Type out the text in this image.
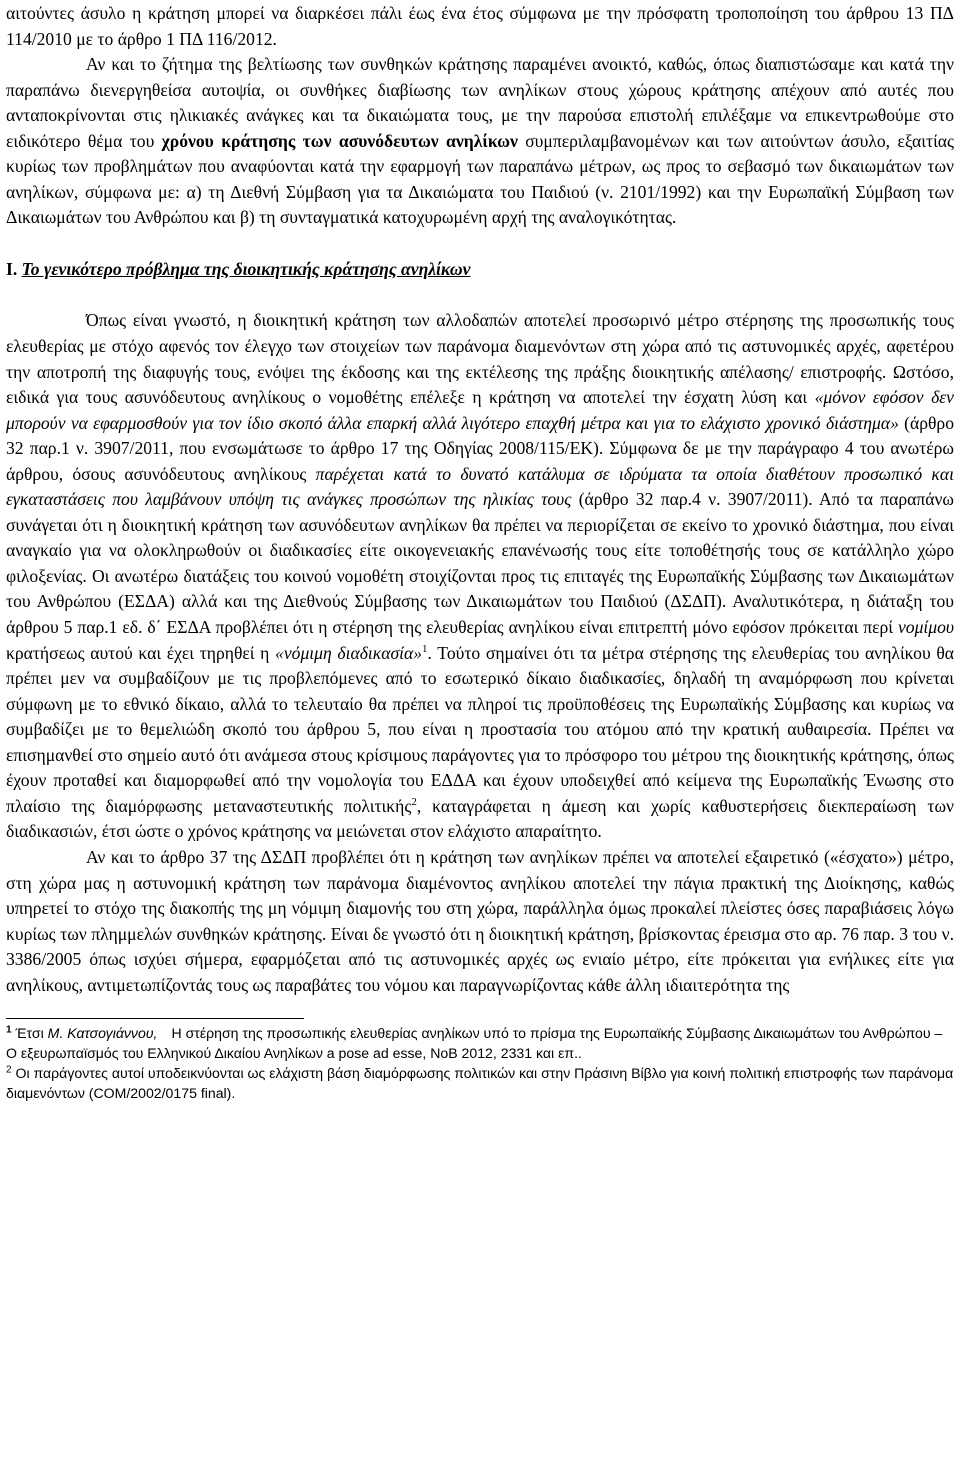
αιτούντες άσυλο η κράτηση μπορεί να διαρκέσει πάλι έως ένα έτος σύμφωνα με την πρόσφατη τροποποίηση του άρθρου 13 ΠΔ 114/2010 με το άρθρο 1 ΠΔ 116/2012.

Αν και το ζήτημα της βελτίωσης των συνθηκών κράτησης παραμένει ανοικτό, καθώς, όπως διαπιστώσαμε και κατά την παραπάνω διενεργηθείσα αυτοψία, οι συνθήκες διαβίωσης των ανηλίκων στους χώρους κράτησης απέχουν από αυτές που ανταποκρίνονται στις ηλικιακές ανάγκες και τα δικαιώματα τους, με την παρούσα επιστολή επιλέξαμε να επικεντρωθούμε στο ειδικότερο θέμα του χρόνου κράτησης των ασυνόδευτων ανηλίκων συμπεριλαμβανομένων και των αιτούντων άσυλο, εξαιτίας κυρίως των προβλημάτων που αναφύονται κατά την εφαρμογή των παραπάνω μέτρων, ως προς το σεβασμό των δικαιωμάτων των ανηλίκων, σύμφωνα με: α) τη Διεθνή Σύμβαση για τα Δικαιώματα του Παιδιού (ν. 2101/1992) και την Ευρωπαϊκή Σύμβαση των Δικαιωμάτων του Ανθρώπου και β) τη συνταγματικά κατοχυρωμένη αρχή της αναλογικότητας.

Ι. Το γενικότερο πρόβλημα της διοικητικής κράτησης ανηλίκων

Όπως είναι γνωστό, η διοικητική κράτηση των αλλοδαπών αποτελεί προσωρινό μέτρο στέρησης της προσωπικής τους ελευθερίας με στόχο αφενός τον έλεγχο των στοιχείων των παράνομα διαμενόντων στη χώρα από τις αστυνομικές αρχές, αφετέρου την αποτροπή της διαφυγής τους, ενόψει της έκδοσης και της εκτέλεσης της πράξης διοικητικής απέλασης/ επιστροφής. Ωστόσο, ειδικά για τους ασυνόδευτους ανηλίκους ο νομοθέτης επέλεξε η κράτηση να αποτελεί την έσχατη λύση και «μόνον εφόσον δεν μπορούν να εφαρμοσθούν για τον ίδιο σκοπό άλλα επαρκή αλλά λιγότερο επαχθή μέτρα και για το ελάχιστο χρονικό διάστημα» (άρθρο 32 παρ.1 ν. 3907/2011, που ενσωμάτωσε το άρθρο 17 της Οδηγίας 2008/115/ΕΚ). Σύμφωνα δε με την παράγραφο 4 του ανωτέρω άρθρου, όσους ασυνόδευτους ανηλίκους παρέχεται κατά το δυνατό κατάλυμα σε ιδρύματα τα οποία διαθέτουν προσωπικό και εγκαταστάσεις που λαμβάνουν υπόψη τις ανάγκες προσώπων της ηλικίας τους (άρθρο 32 παρ.4 ν. 3907/2011). Από τα παραπάνω συνάγεται ότι η διοικητική κράτηση των ασυνόδευτων ανηλίκων θα πρέπει να περιορίζεται σε εκείνο το χρονικό διάστημα, που είναι αναγκαίο για να ολοκληρωθούν οι διαδικασίες είτε οικογενειακής επανένωσής τους είτε τοποθέτησής τους σε κατάλληλο χώρο φιλοξενίας. Οι ανωτέρω διατάξεις του κοινού νομοθέτη στοιχίζονται προς τις επιταγές της Ευρωπαϊκής Σύμβασης των Δικαιωμάτων του Ανθρώπου (ΕΣΔΑ) αλλά και της Διεθνούς Σύμβασης των Δικαιωμάτων του Παιδιού (ΔΣΔΠ). Αναλυτικότερα, η διάταξη του άρθρου 5 παρ.1 εδ. δ΄ ΕΣΔΑ προβλέπει ότι η στέρηση της ελευθερίας ανηλίκου είναι επιτρεπτή μόνο εφόσον πρόκειται περί νομίμου κρατήσεως αυτού και έχει τηρηθεί η «νόμιμη διαδικασία»$^1$. Τούτο σημαίνει ότι τα μέτρα στέρησης της ελευθερίας του ανηλίκου θα πρέπει μεν να συμβαδίζουν με τις προβλεπόμενες από το εσωτερικό δίκαιο διαδικασίες, δηλαδή τη αναμόρφωση που κρίνεται σύμφωνη με το εθνικό δίκαιο, αλλά το τελευταίο θα πρέπει να πληροί τις προϋποθέσεις της Ευρωπαϊκής Σύμβασης και κυρίως να συμβαδίζει με το θεμελιώδη σκοπό του άρθρου 5, που είναι η προστασία του ατόμου από την κρατική αυθαιρεσία. Πρέπει να επισημανθεί στο σημείο αυτό ότι ανάμεσα στους κρίσιμους παράγοντες για το πρόσφορο του μέτρου της διοικητικής κράτησης, όπως έχουν προταθεί και διαμορφωθεί από την νομολογία του ΕΔΔΑ και έχουν υποδειχθεί από κείμενα της Ευρωπαϊκής Ένωσης στο πλαίσιο της διαμόρφωσης μεταναστευτικής πολιτικής$^2$, καταγράφεται η άμεση και χωρίς καθυστερήσεις διεκπεραίωση των διαδικασιών, έτσι ώστε ο χρόνος κράτησης να μειώνεται στον ελάχιστο απαραίτητο.

Αν και το άρθρο 37 της ΔΣΔΠ προβλέπει ότι η κράτηση των ανηλίκων πρέπει να αποτελεί εξαιρετικό («έσχατο») μέτρο, στη χώρα μας η αστυνομική κράτηση των παράνομα διαμένοντος ανηλίκου αποτελεί την πάγια πρακτική της Διοίκησης, καθώς υπηρετεί το στόχο της διακοπής της μη νόμιμη διαμονής του στη χώρα, παράλληλα όμως προκαλεί πλείστες όσες παραβιάσεις λόγω κυρίως των πλημμελών συνθηκών κράτησης. Είναι δε γνωστό ότι η διοικητική κράτηση, βρίσκοντας έρεισμα στο αρ. 76 παρ. 3 του ν. 3386/2005 όπως ισχύει σήμερα, εφαρμόζεται από τις αστυνομικές αρχές ως ενιαίο μέτρο, είτε πρόκειται για ενήλικες είτε για ανηλίκους, αντιμετωπίζοντάς τους ως παραβάτες του νόμου και παραγνωρίζοντας κάθε άλλη ιδιαιτερότητα της

$^1$ Έτσι Μ. Κατσογιάννου, Η στέρηση της προσωπικής ελευθερίας ανηλίκων υπό το πρίσμα της Ευρωπαϊκής Σύμβασης Δικαιωμάτων του Ανθρώπου – Ο εξευρωπαϊσμός του Ελληνικού Δικαίου Ανηλίκων a pose ad esse, ΝοΒ 2012, 2331 και επ..

$^2$ Οι παράγοντες αυτοί υποδεικνύονται ως ελάχιστη βάση διαμόρφωσης πολιτικών και στην Πράσινη Βίβλο για κοινή πολιτική επιστροφής των παράνομα διαμενόντων (COM/2002/0175 final).
